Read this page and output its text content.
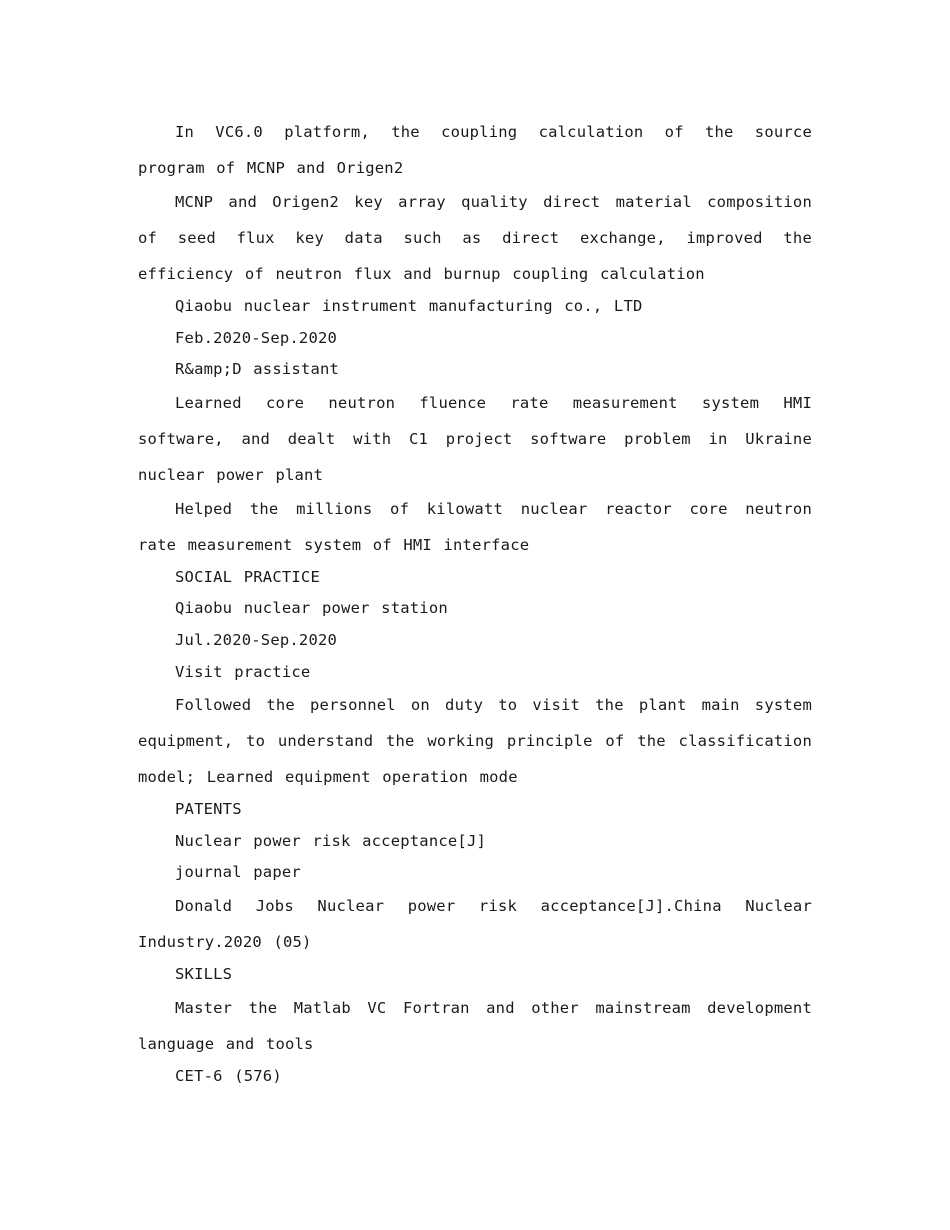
In VC6.0 platform, the coupling calculation of the source program of MCNP and Origen2

MCNP and Origen2 key array quality direct material composition of seed flux key data such as direct exchange, improved the efficiency of neutron flux and burnup coupling calculation

Qiaobu nuclear instrument manufacturing co., LTD

Feb.2020-Sep.2020

R&amp;D assistant

Learned core neutron fluence rate measurement system HMI software, and dealt with C1 project software problem in Ukraine nuclear power plant

Helped the millions of kilowatt nuclear reactor core neutron rate measurement system of HMI interface

SOCIAL PRACTICE

Qiaobu nuclear power station

Jul.2020-Sep.2020

Visit practice

Followed the personnel on duty to visit the plant main system equipment, to understand the working principle of the classification model; Learned equipment operation mode

PATENTS

Nuclear power risk acceptance[J]

journal paper

Donald Jobs Nuclear power risk acceptance[J].China Nuclear Industry.2020 (05)

SKILLS

Master the Matlab VC Fortran and other mainstream development language and tools

CET-6 (576)
